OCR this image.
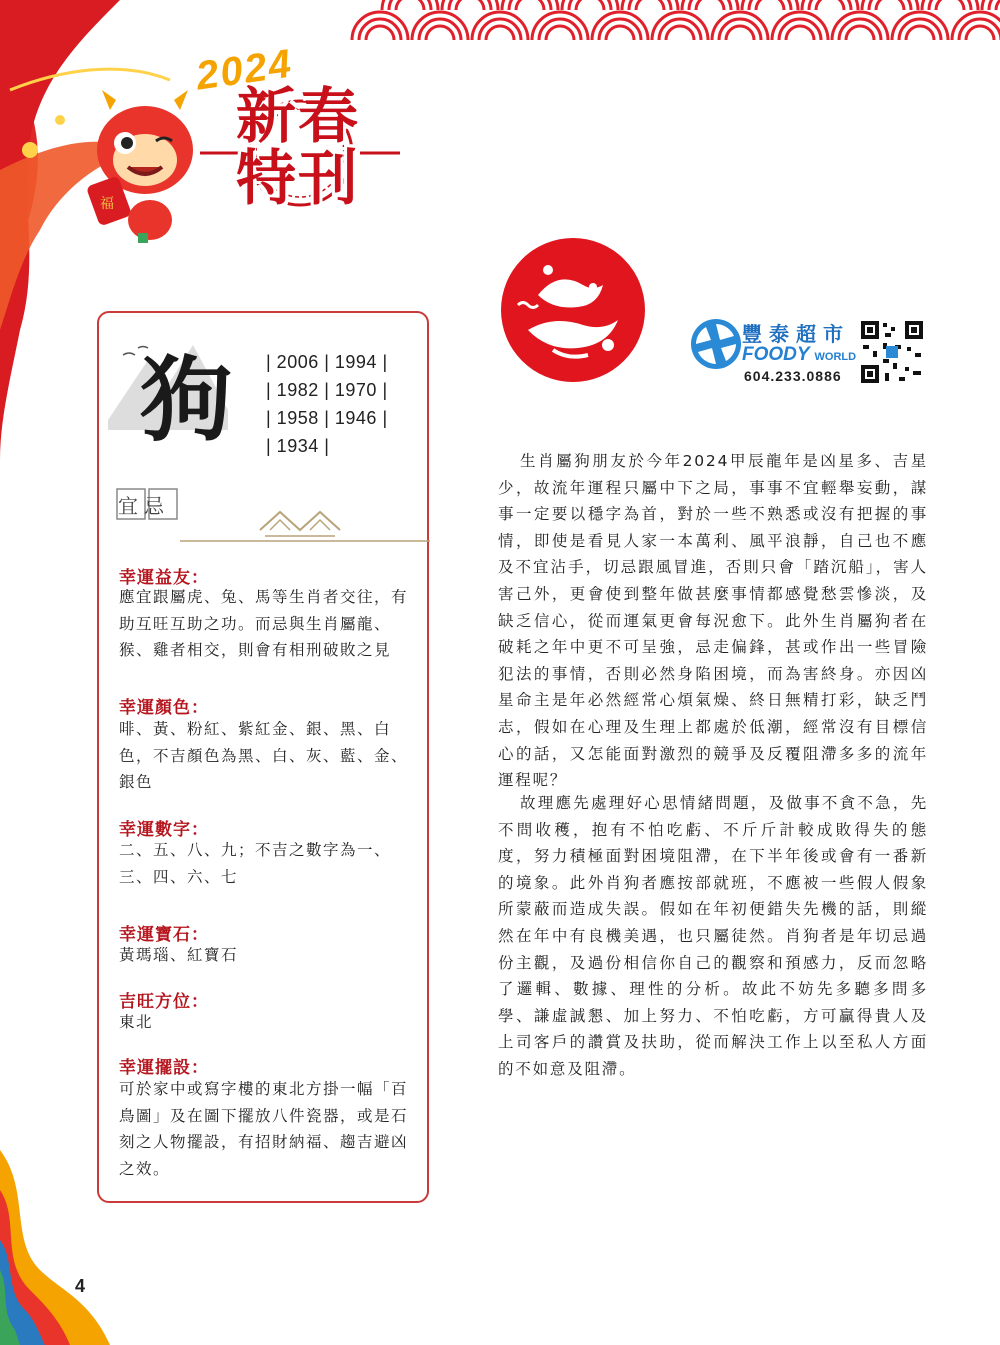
福
2024
新春特刊
狗 | 2006 | 1994 |
| 1982 | 1970 |
| 1958 | 1946 |
| 1934 |
宜忌
幸運益友：
應宜跟屬虎、兔、馬等生肖者交往，有助互旺互助之功。而忌與生肖屬龍、猴、雞者相交，則會有相刑破敗之見
幸運顏色：
啡、黃、粉紅、紫紅金、銀、黑、白色，不吉顏色為黑、白、灰、藍、金、銀色
幸運數字：
二、五、八、九；不吉之數字為一、三、四、六、七
幸運寶石：
黃瑪瑙、紅寶石
吉旺方位：
東北
幸運擺設：
可於家中或寫字樓的東北方掛一幅「百鳥圖」及在圖下擺放八件瓷器，或是石刻之人物擺設，有招財納福、趨吉避凶之效。
豐泰超市
FOODY WORLD
604.233.0886

生肖屬狗朋友於今年2024甲辰龍年是凶星多、吉星少，故流年運程只屬中下之局，事事不宜輕舉妄動，謀事一定要以穩字為首，對於一些不熟悉或沒有把握的事情，即使是看見人家一本萬利、風平浪靜，自己也不應及不宜沾手，切忌跟風冒進，否則只會「踏沉船」，害人害己外，更會使到整年做甚麼事情都感覺愁雲慘淡，及缺乏信心，從而運氣更會每況愈下。此外生肖屬狗者在破耗之年中更不可呈強，忌走偏鋒，甚或作出一些冒險犯法的事情，否則必然身陷困境，而為害終身。亦因凶星命主是年必然經常心煩氣燥、終日無精打彩，缺乏鬥志，假如在心理及生理上都處於低潮，經常沒有目標信心的話，又怎能面對激烈的競爭及反覆阻滯多多的流年運程呢？

故理應先處理好心思情緒問題，及做事不貪不急，先不問收穫，抱有不怕吃虧、不斤斤計較成敗得失的態度，努力積極面對困境阻滯，在下半年後或會有一番新的境象。此外肖狗者應按部就班，不應被一些假人假象所蒙蔽而造成失誤。假如在年初便錯失先機的話，則縱然在年中有良機美遇，也只屬徒然。肖狗者是年切忌過份主觀，及過份相信你自己的觀察和預感力，反而忽略了邏輯、數據、理性的分析。故此不妨先多聽多問多學、謙虛誠懇、加上努力、不怕吃虧，方可贏得貴人及上司客戶的讚賞及扶助，從而解決工作上以至私人方面的不如意及阻滯。

4
